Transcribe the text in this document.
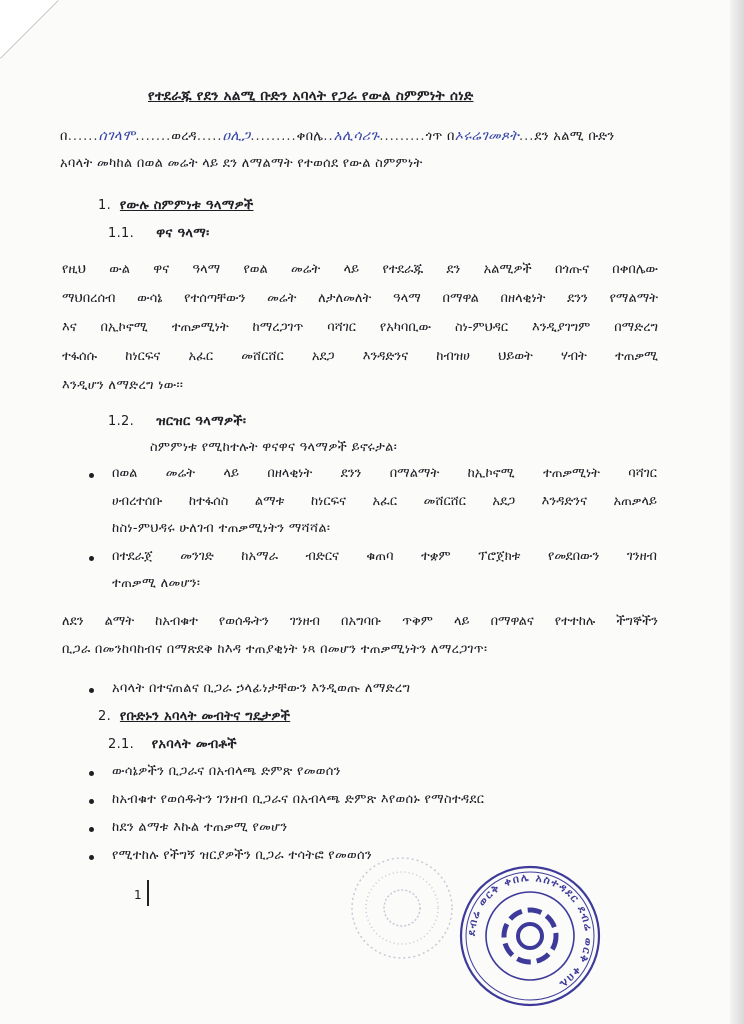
የተደራጁ የደን አልሚ ቡድን አባላት የጋራ የውል ስምምነት ሰነድ
በ......ሰገላሞ.......ወረዳ.....ዐሊጋ.........ቀበሌ..አሊሳሪጉ.........ጎጥ በኦሩሬገመጾት...ደን አልሚ ቡድን
አባላት መካከል በወል መሬት ላይ ደን ለማልማት የተወሰደ የውል ስምምነት
1. የውሉ ስምምነቱ ዓላማዎች
1.1. ዋና ዓላማ፡
የዚህ ውል ዋና ዓላማ የወል መሬት ላይ የተደራጁ ደን አልሚዎች በጎጡና በቀበሌው
ማህበረሰብ ውሳኔ የተሰጣቸውን መሬት ለታለመለት ዓላማ በማዋል በዘላቂነት ደንን የማልማት
እና በኢኮኖሚ ተጠቃሚነት ከማረጋገጥ ባሻገር የአካባቢው ስነ-ምህዳር እንዲያገግም በማድረግ
ተፋሰሱ ከነርፍና አፈር መሸርሸር አደጋ እንዳድንና ከብዝሀ ህይወት ሃብት ተጠቃሚ
እንዲሆን ለማድረግ ነው፡፡
1.2. ዝርዝር ዓላማዎች፡
ስምምነቱ የሚከተሉት ዋናዋና ዓላማዎች ይኖሩታል፡
በወል መሬት ላይ በዘላቂነት ደንን በማልማት ከኢኮኖሚ ተጠቃሚነት ባሻገር
ሀብረተሰቡ ከተፋሰስ ልማቱ ከነርፍና አፈር መሸርሸር አደጋ እንዳድንና አጠቃላይ
ከስነ-ምህዳሩ ሁለገብ ተጠቃሚነትን ማሻሻል፡
በተደራጀ መንገድ ከአማራ ብድርና ቁጠባ ተቋም ፕሮጀክቱ የመደበውን ገንዘብ
ተጠቃሚ ለመሆን፡
ለደን ልማት ከአብቁተ የወሰዱትን ገንዘብ በአግባቡ ጥቅም ላይ በማዋልና የተተከሉ ችግኞችን
ቢጋራ በመንከባከብና በማጽደቅ ከእዳ ተጠያቂነት ነጻ በመሆን ተጠቃሚነትን ለማረጋገጥ፡
አባላት በተናጠልና ቢጋራ ኃላፊነታቸውን እንዲወጡ ለማድረግ
2. የቡድኑን አባላት መብትና ግዴታዎች
2.1. የአባላት መብቶች
ውሳኔዎችን ቢጋራና በአብላጫ ድምጽ የመወሰን
ከአብቁተ የወሰዱትን ገንዘብ ቢጋራና በአብላጫ ድምጽ እየወሰኑ የማስተዳደር
ከደን ልማቱ እኩል ተጠቃሚ የመሆን
የሚተከሉ የችግኝ ዝርያዎችን ቢጋራ ተሳትፎ የመወሰን
1
ደብሬ ወርቅ ቀበሌ አስተዳደር ደብሬ ወርቅ ቀበሌ
